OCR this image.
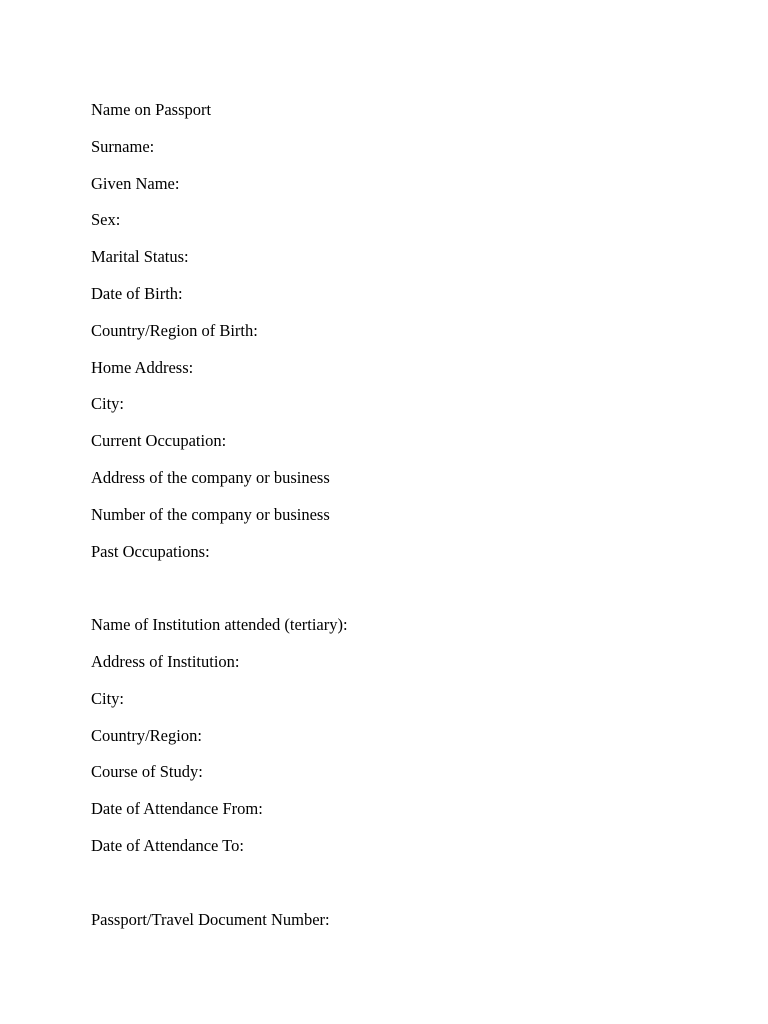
Name on Passport

Surname:

Given Name:

Sex:

Marital Status:

Date of Birth:

Country/Region of Birth:

Home Address:

City:

Current Occupation:

Address of the company or business

Number of the company or business

Past Occupations:

Name of Institution attended (tertiary):

Address of Institution:

City:

Country/Region:

Course of Study:

Date of Attendance From:

Date of Attendance To:

Passport/Travel Document Number:
